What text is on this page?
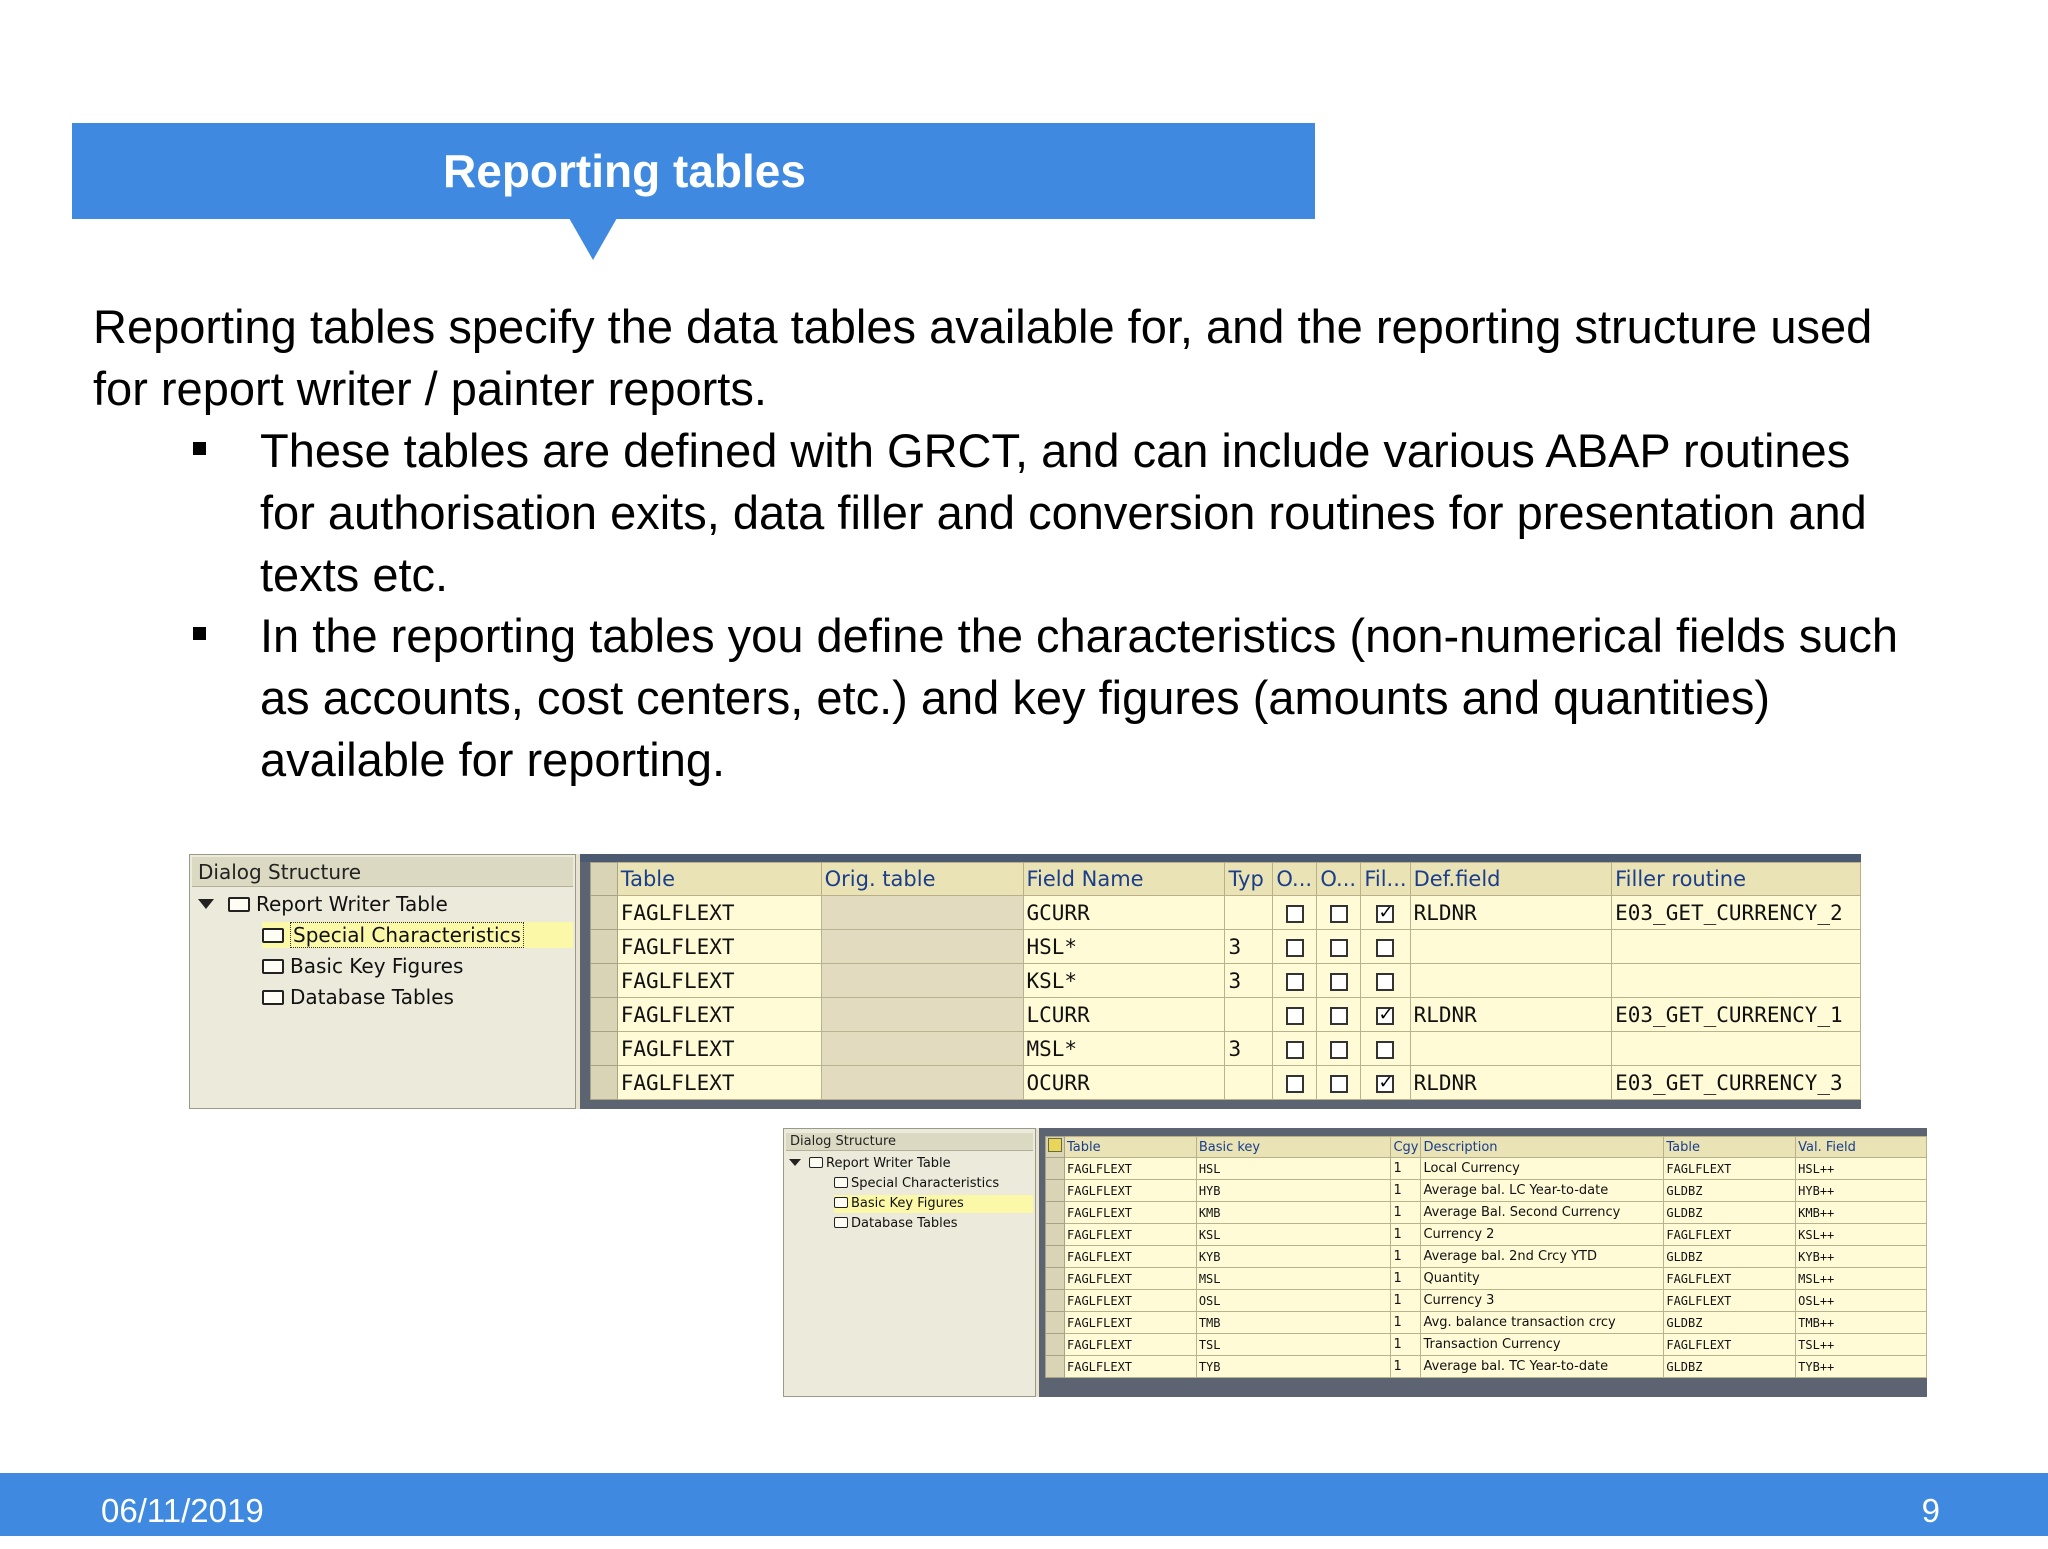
Reporting tables
Reporting tables specify the data tables available for, and the reporting structure used for report writer / painter reports.
These tables are defined with GRCT, and can include various ABAP routines for authorisation exits, data filler and conversion routines for presentation and texts etc.
In the reporting tables you define the characteristics (non-numerical fields such as accounts, cost centers, etc.) and key figures (amounts and quantities) available for reporting.
Dialog Structure
Report Writer Table
Special Characteristics
Basic Key Figures
Database Tables
	Table	Orig. table	Field Name	Typ	O...	O...	Fil...	Def.field	Filler routine
	FAGLFLEXT		GCURR				✓	RLDNR	E03_GET_CURRENCY_2
	FAGLFLEXT		HSL*	3					
	FAGLFLEXT		KSL*	3					
	FAGLFLEXT		LCURR				✓	RLDNR	E03_GET_CURRENCY_1
	FAGLFLEXT		MSL*	3					
	FAGLFLEXT		OCURR				✓	RLDNR	E03_GET_CURRENCY_3
Dialog Structure
Report Writer Table
Special Characteristics
Basic Key Figures
Database Tables
	Table	Basic key	Cgy	Description	Table	Val. Field
	FAGLFLEXT	HSL	1	Local Currency	FAGLFLEXT	HSL++
	FAGLFLEXT	HYB	1	Average bal. LC Year-to-date	GLDBZ	HYB++
	FAGLFLEXT	KMB	1	Average Bal. Second Currency	GLDBZ	KMB++
	FAGLFLEXT	KSL	1	Currency 2	FAGLFLEXT	KSL++
	FAGLFLEXT	KYB	1	Average bal. 2nd Crcy YTD	GLDBZ	KYB++
	FAGLFLEXT	MSL	1	Quantity	FAGLFLEXT	MSL++
	FAGLFLEXT	OSL	1	Currency 3	FAGLFLEXT	OSL++
	FAGLFLEXT	TMB	1	Avg. balance transaction crcy	GLDBZ	TMB++
	FAGLFLEXT	TSL	1	Transaction Currency	FAGLFLEXT	TSL++
	FAGLFLEXT	TYB	1	Average bal. TC Year-to-date	GLDBZ	TYB++
06/11/2019	9
